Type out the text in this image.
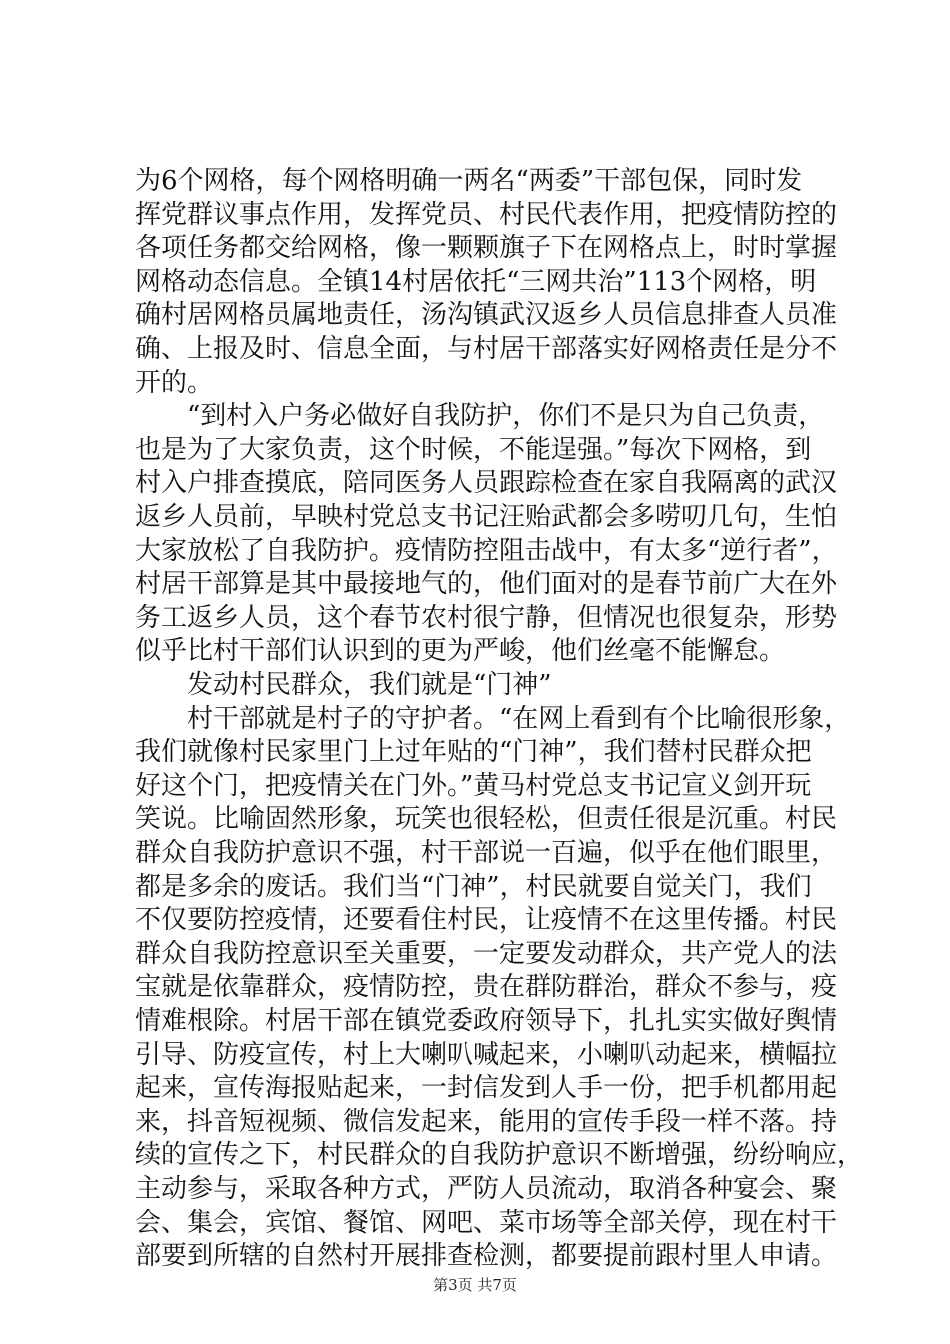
为6个网格，每个网格明确一两名“两委”干部包保，同时发
挥党群议事点作用，发挥党员、村民代表作用，把疫情防控的
各项任务都交给网格，像一颗颗旗子下在网格点上，时时掌握
网格动态信息。全镇14村居依托“三网共治”113个网格，明
确村居网格员属地责任，汤沟镇武汉返乡人员信息排查人员准
确、上报及时、信息全面，与村居干部落实好网格责任是分不
开的。
“到村入户务必做好自我防护，你们不是只为自己负责，
也是为了大家负责，这个时候，不能逞强。”每次下网格，到
村入户排查摸底，陪同医务人员跟踪检查在家自我隔离的武汉
返乡人员前，早映村党总支书记汪贻武都会多唠叨几句，生怕
大家放松了自我防护。疫情防控阻击战中，有太多“逆行者”，
村居干部算是其中最接地气的，他们面对的是春节前广大在外
务工返乡人员，这个春节农村很宁静，但情况也很复杂，形势
似乎比村干部们认识到的更为严峻，他们丝毫不能懈怠。
发动村民群众，我们就是“门神”
村干部就是村子的守护者。“在网上看到有个比喻很形象，
我们就像村民家里门上过年贴的“门神”，我们替村民群众把
好这个门，把疫情关在门外。”黄马村党总支书记宣义剑开玩
笑说。比喻固然形象，玩笑也很轻松，但责任很是沉重。村民
群众自我防护意识不强，村干部说一百遍，似乎在他们眼里，
都是多余的废话。我们当“门神”，村民就要自觉关门，我们
不仅要防控疫情，还要看住村民，让疫情不在这里传播。村民
群众自我防控意识至关重要，一定要发动群众，共产党人的法
宝就是依靠群众，疫情防控，贵在群防群治，群众不参与，疫
情难根除。村居干部在镇党委政府领导下，扎扎实实做好舆情
引导、防疫宣传，村上大喇叭喊起来，小喇叭动起来，横幅拉
起来，宣传海报贴起来，一封信发到人手一份，把手机都用起
来，抖音短视频、微信发起来，能用的宣传手段一样不落。持
续的宣传之下，村民群众的自我防护意识不断增强，纷纷响应，
主动参与，采取各种方式，严防人员流动，取消各种宴会、聚
会、集会，宾馆、餐馆、网吧、菜市场等全部关停，现在村干
部要到所辖的自然村开展排查检测，都要提前跟村里人申请。
第3页 共7页
